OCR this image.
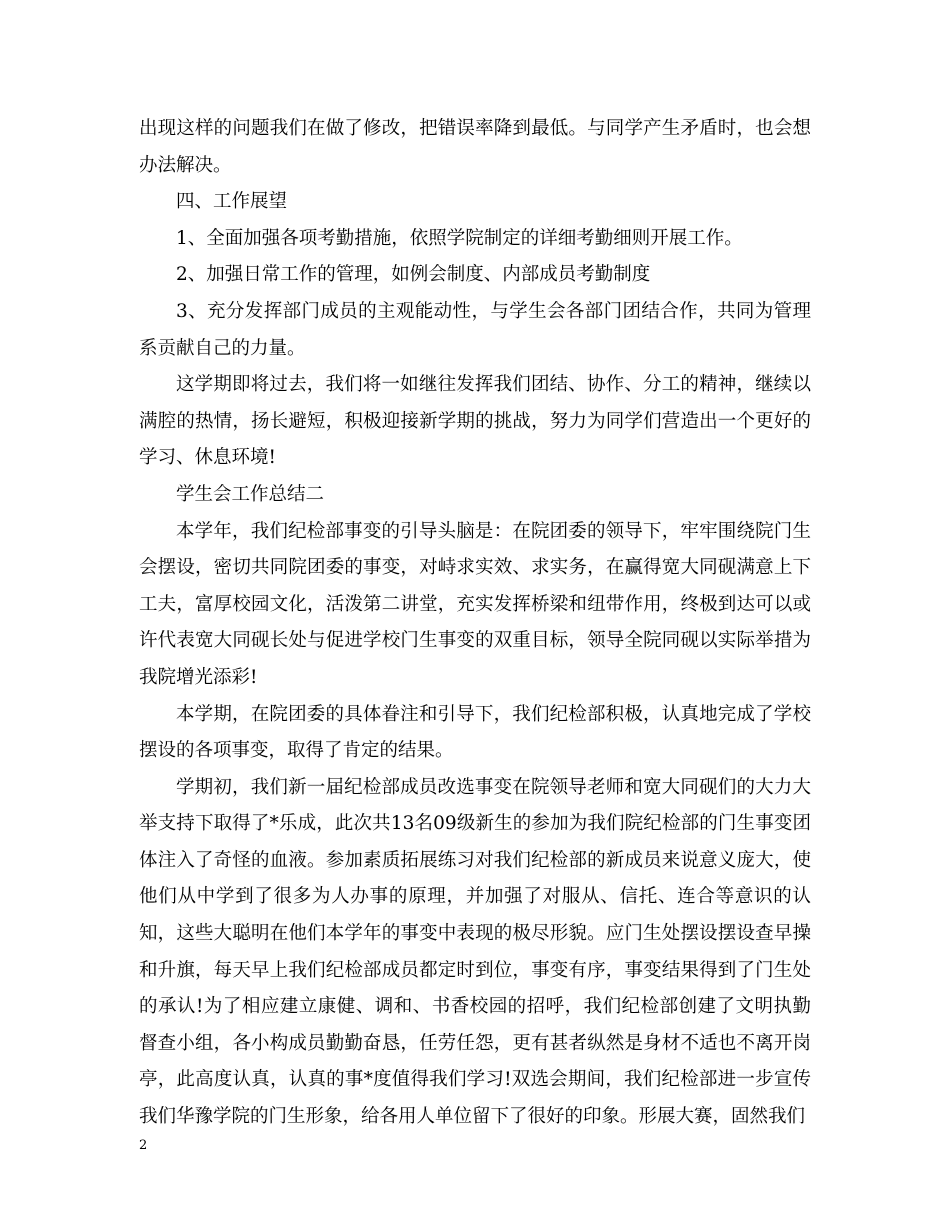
出现这样的问题我们在做了修改，把错误率降到最低。与同学产生矛盾时，也会想办法解决。

四、工作展望

1、全面加强各项考勤措施，依照学院制定的详细考勤细则开展工作。

2、加强日常工作的管理，如例会制度、内部成员考勤制度

3、充分发挥部门成员的主观能动性，与学生会各部门团结合作，共同为管理系贡献自己的力量。

这学期即将过去，我们将一如继往发挥我们团结、协作、分工的精神，继续以满腔的热情，扬长避短，积极迎接新学期的挑战，努力为同学们营造出一个更好的学习、休息环境!

学生会工作总结二

本学年，我们纪检部事变的引导头脑是：在院团委的领导下，牢牢围绕院门生会摆设，密切共同院团委的事变，对峙求实效、求实务，在赢得宽大同砚满意上下工夫，富厚校园文化，活泼第二讲堂，充实发挥桥梁和纽带作用，终极到达可以或许代表宽大同砚长处与促进学校门生事变的双重目标，领导全院同砚以实际举措为我院增光添彩!

本学期，在院团委的具体眷注和引导下，我们纪检部积极，认真地完成了学校摆设的各项事变，取得了肯定的结果。

学期初，我们新一届纪检部成员改选事变在院领导老师和宽大同砚们的大力大举支持下取得了*乐成，此次共13名09级新生的参加为我们院纪检部的门生事变团体注入了奇怪的血液。参加素质拓展练习对我们纪检部的新成员来说意义庞大，使他们从中学到了很多为人办事的原理，并加强了对服从、信托、连合等意识的认知，这些大聪明在他们本学年的事变中表现的极尽形貌。应门生处摆设摆设查早操和升旗，每天早上我们纪检部成员都定时到位，事变有序，事变结果得到了门生处的承认!为了相应建立康健、调和、书香校园的招呼，我们纪检部创建了文明执勤督查小组，各小构成员勤勤奋恳，任劳任怨，更有甚者纵然是身材不适也不离开岗亭，此高度认真，认真的事*度值得我们学习!双选会期间，我们纪检部进一步宣传我们华豫学院的门生形象，给各用人单位留下了很好的印象。形展大赛，固然我们

2
